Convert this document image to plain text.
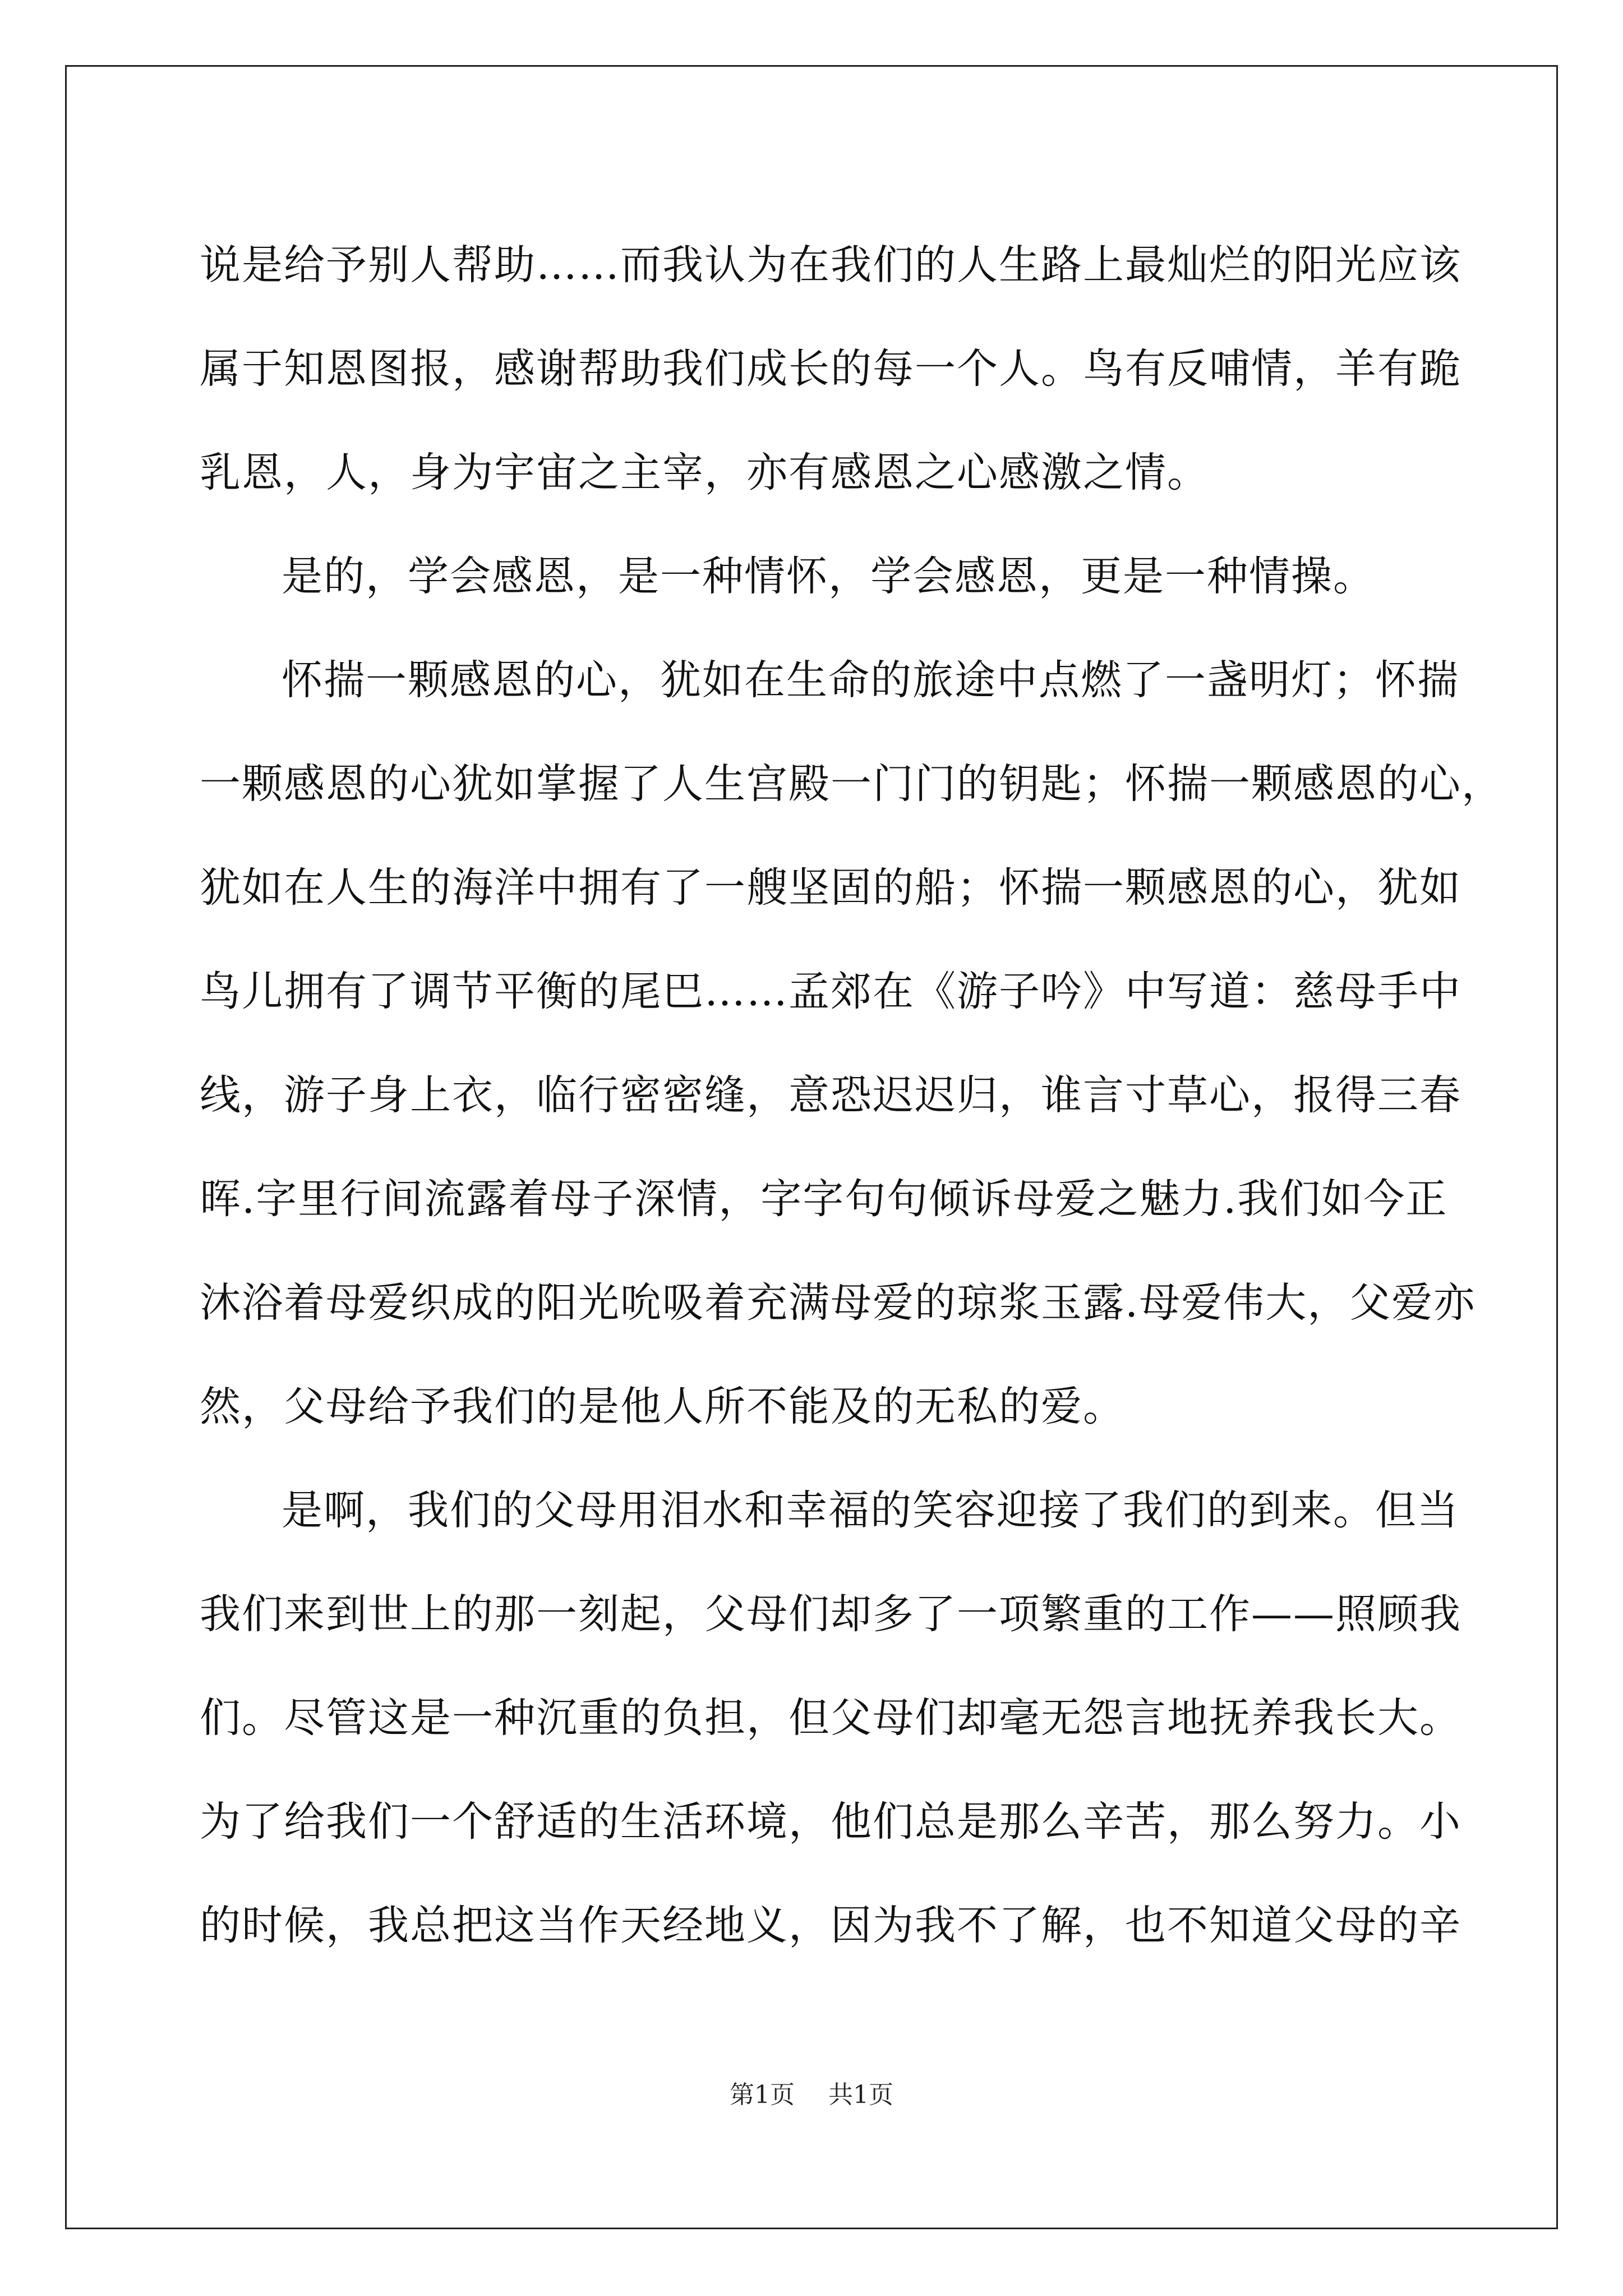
说是给予别人帮助……而我认为在我们的人生路上最灿烂的阳光应该
属于知恩图报，感谢帮助我们成长的每一个人。鸟有反哺情，羊有跪
乳恩，人，身为宇宙之主宰，亦有感恩之心感激之情。
是的，学会感恩，是一种情怀，学会感恩，更是一种情操。
怀揣一颗感恩的心，犹如在生命的旅途中点燃了一盏明灯；怀揣
一颗感恩的心犹如掌握了人生宫殿一门门的钥匙；怀揣一颗感恩的心，
犹如在人生的海洋中拥有了一艘坚固的船；怀揣一颗感恩的心，犹如
鸟儿拥有了调节平衡的尾巴……孟郊在《游子吟》中写道：慈母手中
线，游子身上衣，临行密密缝，意恐迟迟归，谁言寸草心，报得三春
晖.字里行间流露着母子深情，字字句句倾诉母爱之魅力.我们如今正
沐浴着母爱织成的阳光吮吸着充满母爱的琼浆玉露.母爱伟大，父爱亦
然，父母给予我们的是他人所不能及的无私的爱。
是啊，我们的父母用泪水和幸福的笑容迎接了我们的到来。但当
我们来到世上的那一刻起，父母们却多了一项繁重的工作——照顾我
们。尽管这是一种沉重的负担，但父母们却毫无怨言地抚养我长大。
为了给我们一个舒适的生活环境，他们总是那么辛苦，那么努力。小
的时候，我总把这当作天经地义，因为我不了解，也不知道父母的辛
第1页 共1页
